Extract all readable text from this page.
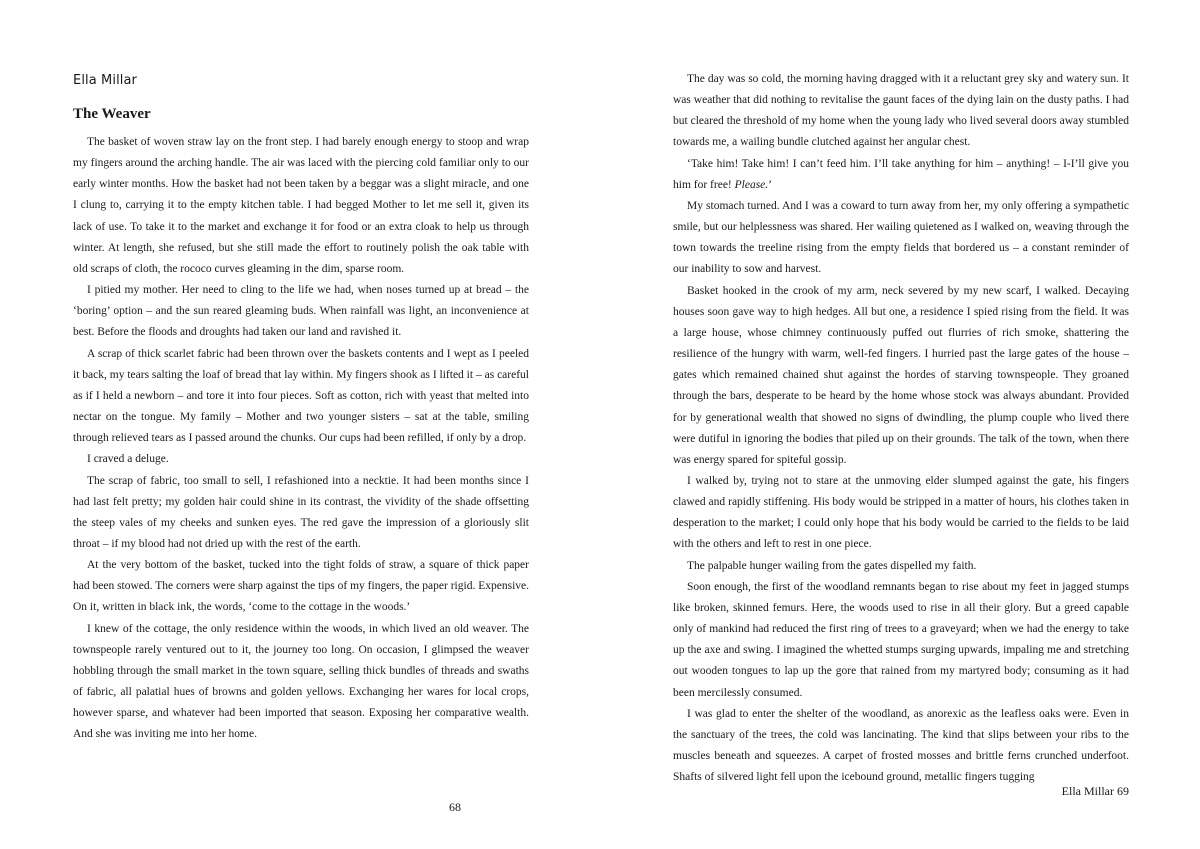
Ella Millar
The Weaver

The basket of woven straw lay on the front step. I had barely enough energy to stoop and wrap my fingers around the arching handle. The air was laced with the piercing cold familiar only to our early winter months. How the basket had not been taken by a beggar was a slight miracle, and one I clung to, carrying it to the empty kitchen table. I had begged Mother to let me sell it, given its lack of use. To take it to the market and exchange it for food or an extra cloak to help us through winter. At length, she refused, but she still made the effort to routinely polish the oak table with old scraps of cloth, the rococo curves gleaming in the dim, sparse room.

I pitied my mother. Her need to cling to the life we had, when noses turned up at bread – the ‘boring’ option – and the sun reared gleaming buds. When rainfall was light, an inconvenience at best. Before the floods and droughts had taken our land and ravished it.

A scrap of thick scarlet fabric had been thrown over the baskets contents and I wept as I peeled it back, my tears salting the loaf of bread that lay within. My fingers shook as I lifted it – as careful as if I held a newborn – and tore it into four pieces. Soft as cotton, rich with yeast that melted into nectar on the tongue. My family – Mother and two younger sisters – sat at the table, smiling through relieved tears as I passed around the chunks. Our cups had been refilled, if only by a drop.

I craved a deluge.

The scrap of fabric, too small to sell, I refashioned into a necktie. It had been months since I had last felt pretty; my golden hair could shine in its contrast, the vividity of the shade offsetting the steep vales of my cheeks and sunken eyes. The red gave the impression of a gloriously slit throat – if my blood had not dried up with the rest of the earth.

At the very bottom of the basket, tucked into the tight folds of straw, a square of thick paper had been stowed. The corners were sharp against the tips of my fingers, the paper rigid. Expensive. On it, written in black ink, the words, ‘come to the cottage in the woods.’

I knew of the cottage, the only residence within the woods, in which lived an old weaver. The townspeople rarely ventured out to it, the journey too long. On occasion, I glimpsed the weaver hobbling through the small market in the town square, selling thick bundles of threads and swaths of fabric, all palatial hues of browns and golden yellows. Exchanging her wares for local crops, however sparse, and whatever had been imported that season. Exposing her comparative wealth. And she was inviting me into her home.

68

The day was so cold, the morning having dragged with it a reluctant grey sky and watery sun. It was weather that did nothing to revitalise the gaunt faces of the dying lain on the dusty paths. I had but cleared the threshold of my home when the young lady who lived several doors away stumbled towards me, a wailing bundle clutched against her angular chest.

‘Take him! Take him! I can’t feed him. I’ll take anything for him – anything! – I-I’ll give you him for free! Please.’

My stomach turned. And I was a coward to turn away from her, my only offering a sympathetic smile, but our helplessness was shared. Her wailing quietened as I walked on, weaving through the town towards the treeline rising from the empty fields that bordered us – a constant reminder of our inability to sow and harvest.

Basket hooked in the crook of my arm, neck severed by my new scarf, I walked. Decaying houses soon gave way to high hedges. All but one, a residence I spied rising from the field. It was a large house, whose chimney continuously puffed out flurries of rich smoke, shattering the resilience of the hungry with warm, well-fed fingers. I hurried past the large gates of the house – gates which remained chained shut against the hordes of starving townspeople. They groaned through the bars, desperate to be heard by the home whose stock was always abundant. Provided for by generational wealth that showed no signs of dwindling, the plump couple who lived there were dutiful in ignoring the bodies that piled up on their grounds. The talk of the town, when there was energy spared for spiteful gossip.

I walked by, trying not to stare at the unmoving elder slumped against the gate, his fingers clawed and rapidly stiffening. His body would be stripped in a matter of hours, his clothes taken in desperation to the market; I could only hope that his body would be carried to the fields to be laid with the others and left to rest in one piece.

The palpable hunger wailing from the gates dispelled my faith.

Soon enough, the first of the woodland remnants began to rise about my feet in jagged stumps like broken, skinned femurs. Here, the woods used to rise in all their glory. But a greed capable only of mankind had reduced the first ring of trees to a graveyard; when we had the energy to take up the axe and swing. I imagined the whetted stumps surging upwards, impaling me and stretching out wooden tongues to lap up the gore that rained from my martyred body; consuming as it had been mercilessly consumed.

I was glad to enter the shelter of the woodland, as anorexic as the leafless oaks were. Even in the sanctuary of the trees, the cold was lancinating. The kind that slips between your ribs to the muscles beneath and squeezes. A carpet of frosted mosses and brittle ferns crunched underfoot. Shafts of silvered light fell upon the icebound ground, metallic fingers tugging

Ella Millar 69
